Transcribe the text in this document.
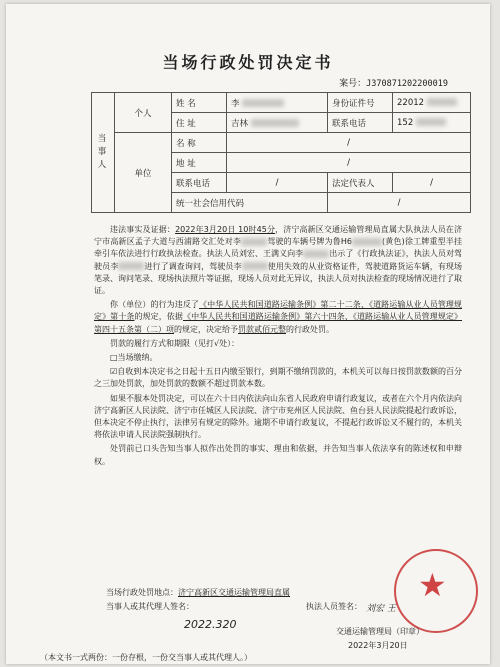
当场行政处罚决定书
案号：J37087120220001​9
当事人	个人	姓 名	李	身份证件号	22012
		住 址	吉林	联系电话	152
	单位	名 称	/		
		地 址	/		
		联系电话	/	法定代表人	/
		统一社会信用代码		/	

违法事实及证据：2022年3月20日 10时45分，济宁高新区交通运输管理局直属大队执法人员在济宁市高新区孟子大道与西浦路交汇处对李	驾驶的车辆号牌为鲁H6	(黄色)徐工牌重型半挂牵引车依法进行行政执法检查。执法人员刘宏、王满义向李	出示了《行政执法证》，执法人员对驾驶员李	进行了调查询问，驾驶员李	使用失效的从业资格证件，驾驶道路货运车辆，有现场笔录、询问笔录、现场执法照片等证据，现场人员对此无异议，执法人员对执法检查的现场情况进行了取证。

你（单位）的行为违反了《中华人民共和国道路运输条例》第二十二条、《道路运输从业人员管理规定》第十条的规定，依据《中华人民共和国道路运输条例》第六十四条、《道路运输从业人员管理规定》第四十五条第（二）项的规定，决定给予罚款贰佰元整的行政处罚。

罚款的履行方式和期限（见打√处）：

□当场缴纳。

☑自收到本决定书之日起十五日内缴至银行，到期不缴纳罚款的，本机关可以每日按罚款数额的百分之三加处罚款，加处罚款的数额不超过罚款本数。

如果不服本处罚决定，可以在六十日内依法向山东省人民政府申请行政复议，或者在六个月内依法向济宁高新区人民法院、济宁市任城区人民法院、济宁市兖州区人民法院、鱼台县人民法院提起行政诉讼，但本决定不停止执行，法律另有规定的除外。逾期不申请行政复议，不提起行政诉讼又不履行的，本机关将依法申请人民法院强制执行。

处罚前已口头告知当事人拟作出处罚的事实、理由和依据，并告知当事人依法享有的陈述权和申辩权。

★
当场行政处罚地点：济宁高新区交通运输管理局直属
当事人或其代理人签名：	执法人员签名：
2022.320
刘宏 王
交通运输管理局（印章）
2022年3月20日
（本文书一式两份：一份存根，一份交当事人或其代理人。）
